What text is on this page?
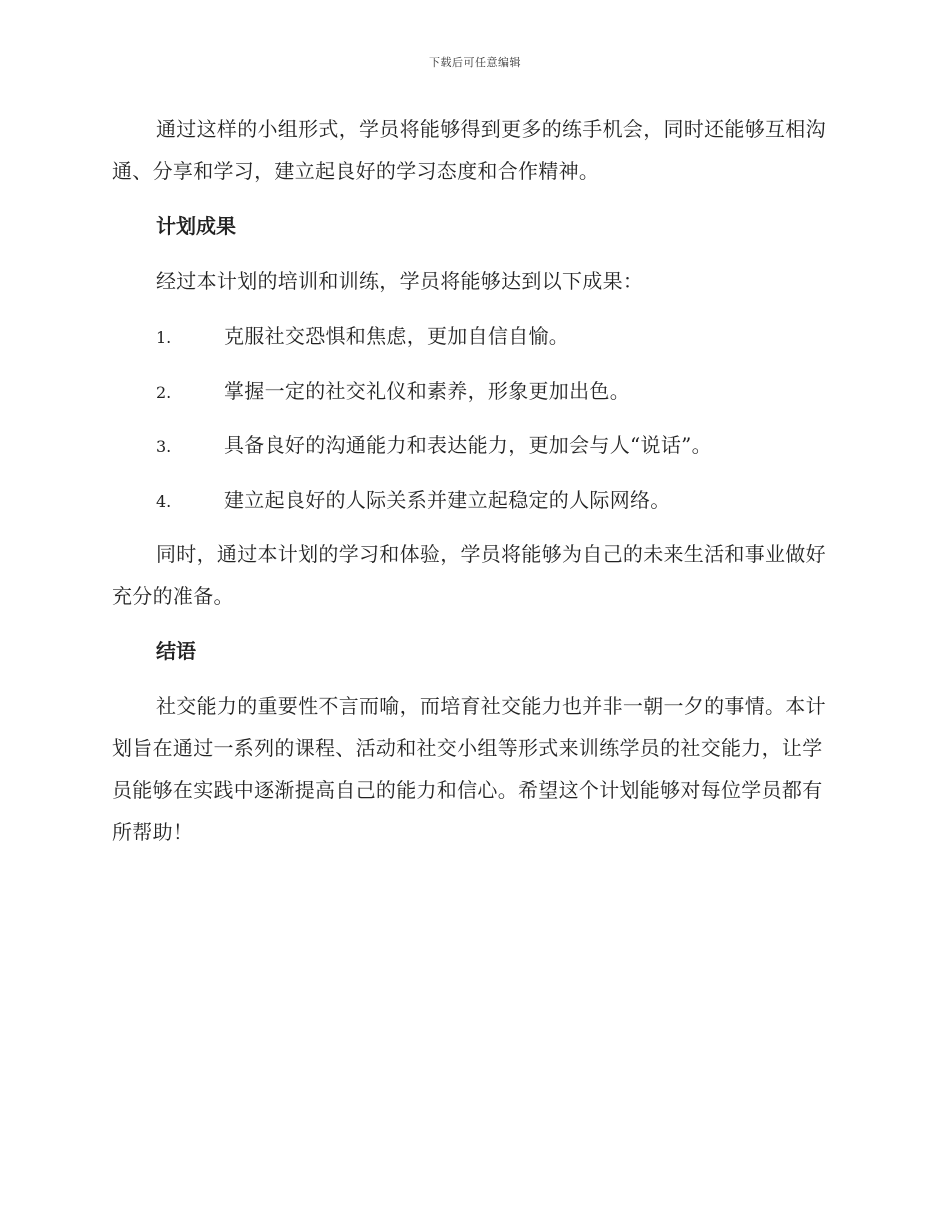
下载后可任意编辑

通过这样的小组形式，学员将能够得到更多的练手机会，同时还能够互相沟通、分享和学习，建立起良好的学习态度和合作精神。

计划成果

经过本计划的培训和训练，学员将能够达到以下成果：

1.	克服社交恐惧和焦虑，更加自信自愉。
2.	掌握一定的社交礼仪和素养，形象更加出色。
3.	具备良好的沟通能力和表达能力，更加会与人“说话”。
4.	建立起良好的人际关系并建立起稳定的人际网络。

同时，通过本计划的学习和体验，学员将能够为自己的未来生活和事业做好充分的准备。

结语

社交能力的重要性不言而喻，而培育社交能力也并非一朝一夕的事情。本计划旨在通过一系列的课程、活动和社交小组等形式来训练学员的社交能力，让学员能够在实践中逐渐提高自己的能力和信心。希望这个计划能够对每位学员都有所帮助！
